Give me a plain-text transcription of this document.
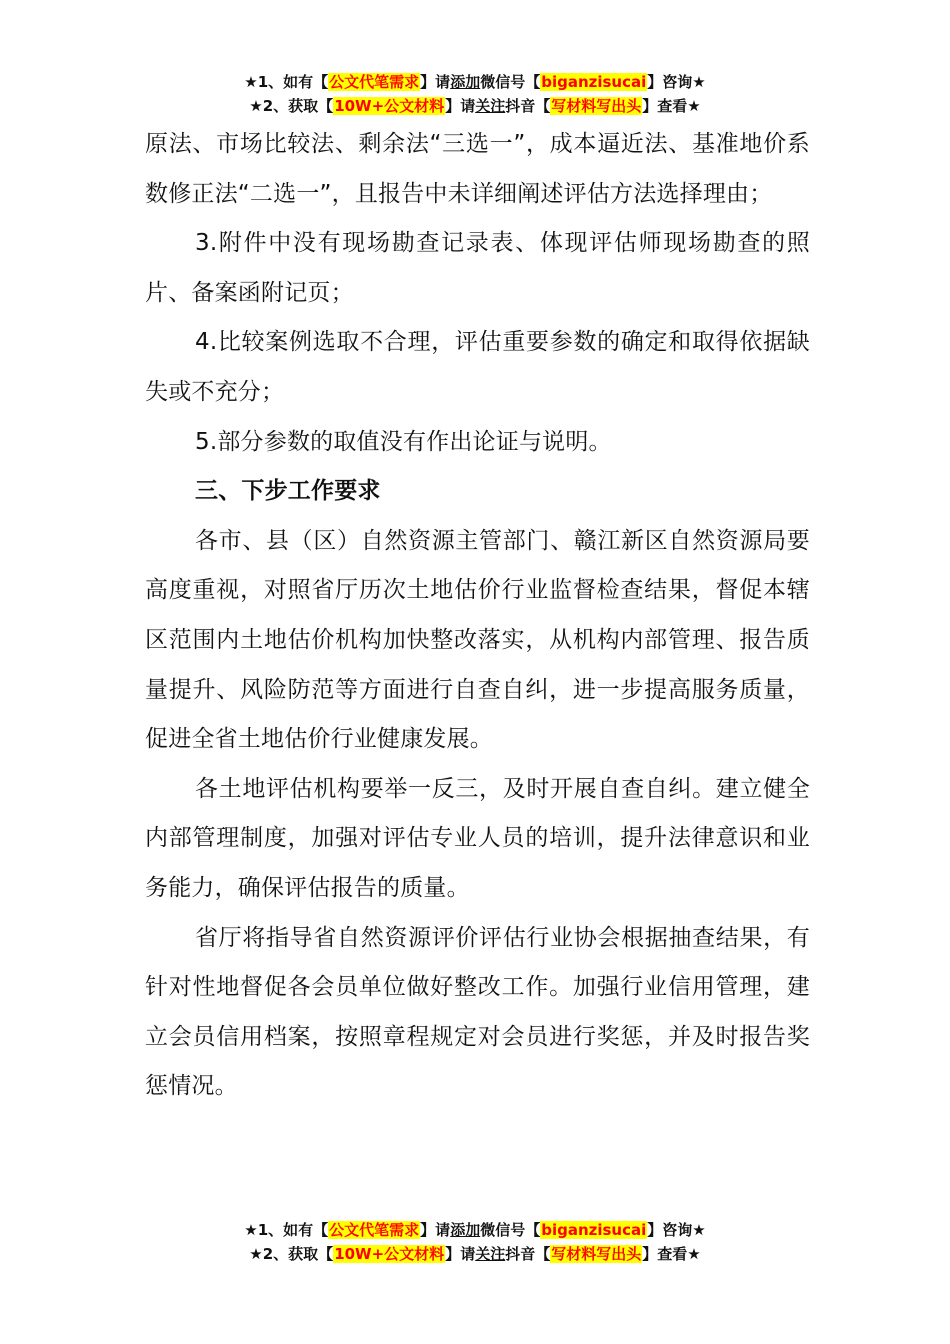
★1、如有【公文代笔需求】请添加微信号【biganzisucai】咨询★
★2、获取【10W+公文材料】请关注抖音【写材料写出头】查看★

原法、市场比较法、剩余法“三选一”，成本逼近法、基准地价系数修正法“二选一”，且报告中未详细阐述评估方法选择理由；

3.附件中没有现场勘查记录表、体现评估师现场勘查的照片、备案函附记页；

4.比较案例选取不合理，评估重要参数的确定和取得依据缺失或不充分；

5.部分参数的取值没有作出论证与说明。

三、下步工作要求

各市、县（区）自然资源主管部门、赣江新区自然资源局要高度重视，对照省厅历次土地估价行业监督检查结果，督促本辖区范围内土地估价机构加快整改落实，从机构内部管理、报告质量提升、风险防范等方面进行自查自纠，进一步提高服务质量，促进全省土地估价行业健康发展。

各土地评估机构要举一反三，及时开展自查自纠。建立健全内部管理制度，加强对评估专业人员的培训，提升法律意识和业务能力，确保评估报告的质量。

省厅将指导省自然资源评价评估行业协会根据抽查结果，有针对性地督促各会员单位做好整改工作。加强行业信用管理，建立会员信用档案，按照章程规定对会员进行奖惩，并及时报告奖惩情况。

★1、如有【公文代笔需求】请添加微信号【biganzisucai】咨询★
★2、获取【10W+公文材料】请关注抖音【写材料写出头】查看★
